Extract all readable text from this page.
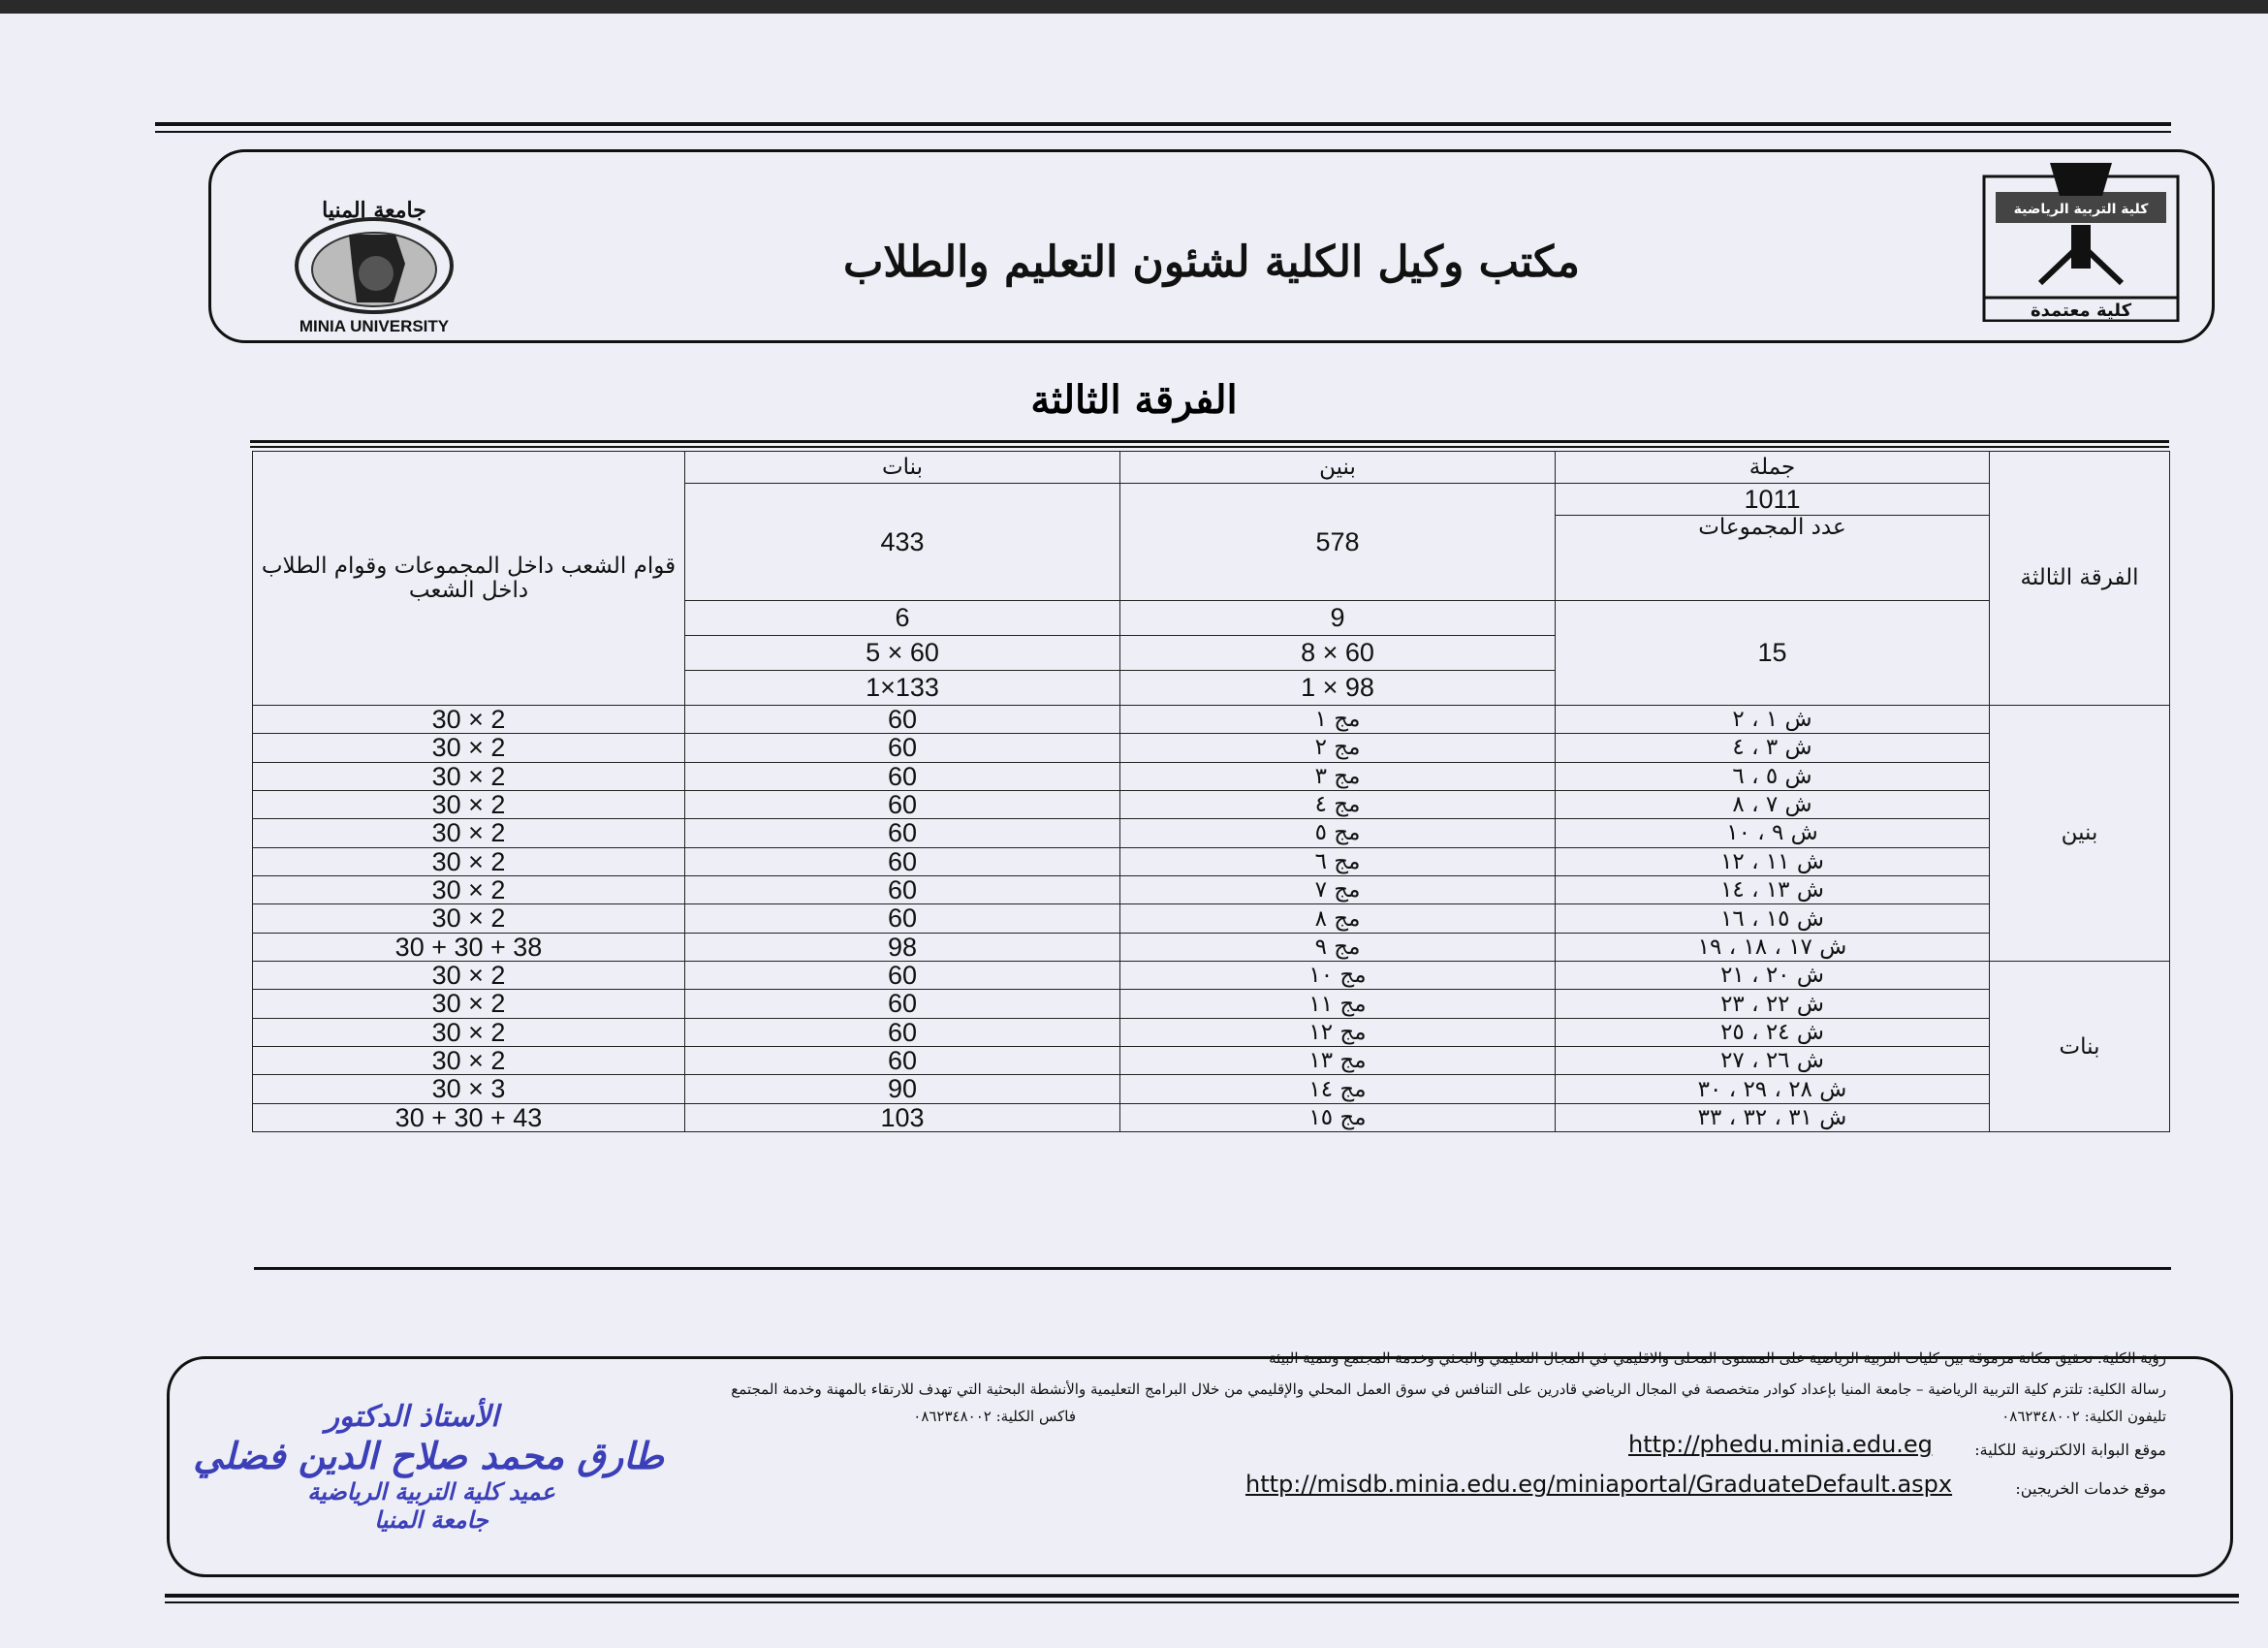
مكتب وكيل الكلية لشئون التعليم والطلاب
MINIA UNIVERSITY
جامعة المنيا	كلية التربية الرياضية
كلية معتمدة
الفرقة الثالثة
قوام الشعب داخل المجموعات وقوام الطلاب داخل الشعب	بنات	بنين	جملة	الفرقة الثالثة
	433	578	1011	
			عدد المجموعات	
	6	9	15	
	5 × 60	8 × 60		
	1×133	1 × 98		
30 × 2	60	مج ١	ش ١ ، ٢	بنين
30 × 2	60	مج ٢	ش ٣ ، ٤	
30 × 2	60	مج ٣	ش ٥ ، ٦	
30 × 2	60	مج ٤	ش ٧ ، ٨	
30 × 2	60	مج ٥	ش ٩ ، ١٠	
30 × 2	60	مج ٦	ش ١١ ، ١٢	
30 × 2	60	مج ٧	ش ١٣ ، ١٤	
30 × 2	60	مج ٨	ش ١٥ ، ١٦	
30 + 30 + 38	98	مج ٩	ش ١٧ ، ١٨ ، ١٩	
30 × 2	60	مج ١٠	ش ٢٠ ، ٢١	بنات
30 × 2	60	مج ١١	ش ٢٢ ، ٢٣	
30 × 2	60	مج ١٢	ش ٢٤ ، ٢٥	
30 × 2	60	مج ١٣	ش ٢٦ ، ٢٧	
30 × 3	90	مج ١٤	ش ٢٨ ، ٢٩ ، ٣٠	
30 + 30 + 43	103	مج ١٥	ش ٣١ ، ٣٢ ، ٣٣	
رؤية الكلية: تحقيق مكانة مرموقة بين كليات التربية الرياضية على المستوى المحلى والاقليمي في المجال التعليمي والبحثي وخدمة المجتمع وتنمية البيئة
رسالة الكلية: تلتزم كلية التربية الرياضية – جامعة المنيا بإعداد كوادر متخصصة في المجال الرياضي قادرين على التنافس في سوق العمل المحلي والإقليمي من خلال البرامج التعليمية والأنشطة البحثية التي تهدف للارتقاء بالمهنة وخدمة المجتمع
تليفون الكلية: ٠٨٦٢٣٤٨٠٠٢
فاكس الكلية: ٠٨٦٢٣٤٨٠٠٢
موقع البوابة الالكترونية للكلية:
موقع خدمات الخريجين:
http://phedu.minia.edu.eg
http://misdb.minia.edu.eg/miniaportal/GraduateDefault.aspx
الأستاذ الدكتور
طارق محمد صلاح الدين فضلي
عميد كلية التربية الرياضية
جامعة المنيا
